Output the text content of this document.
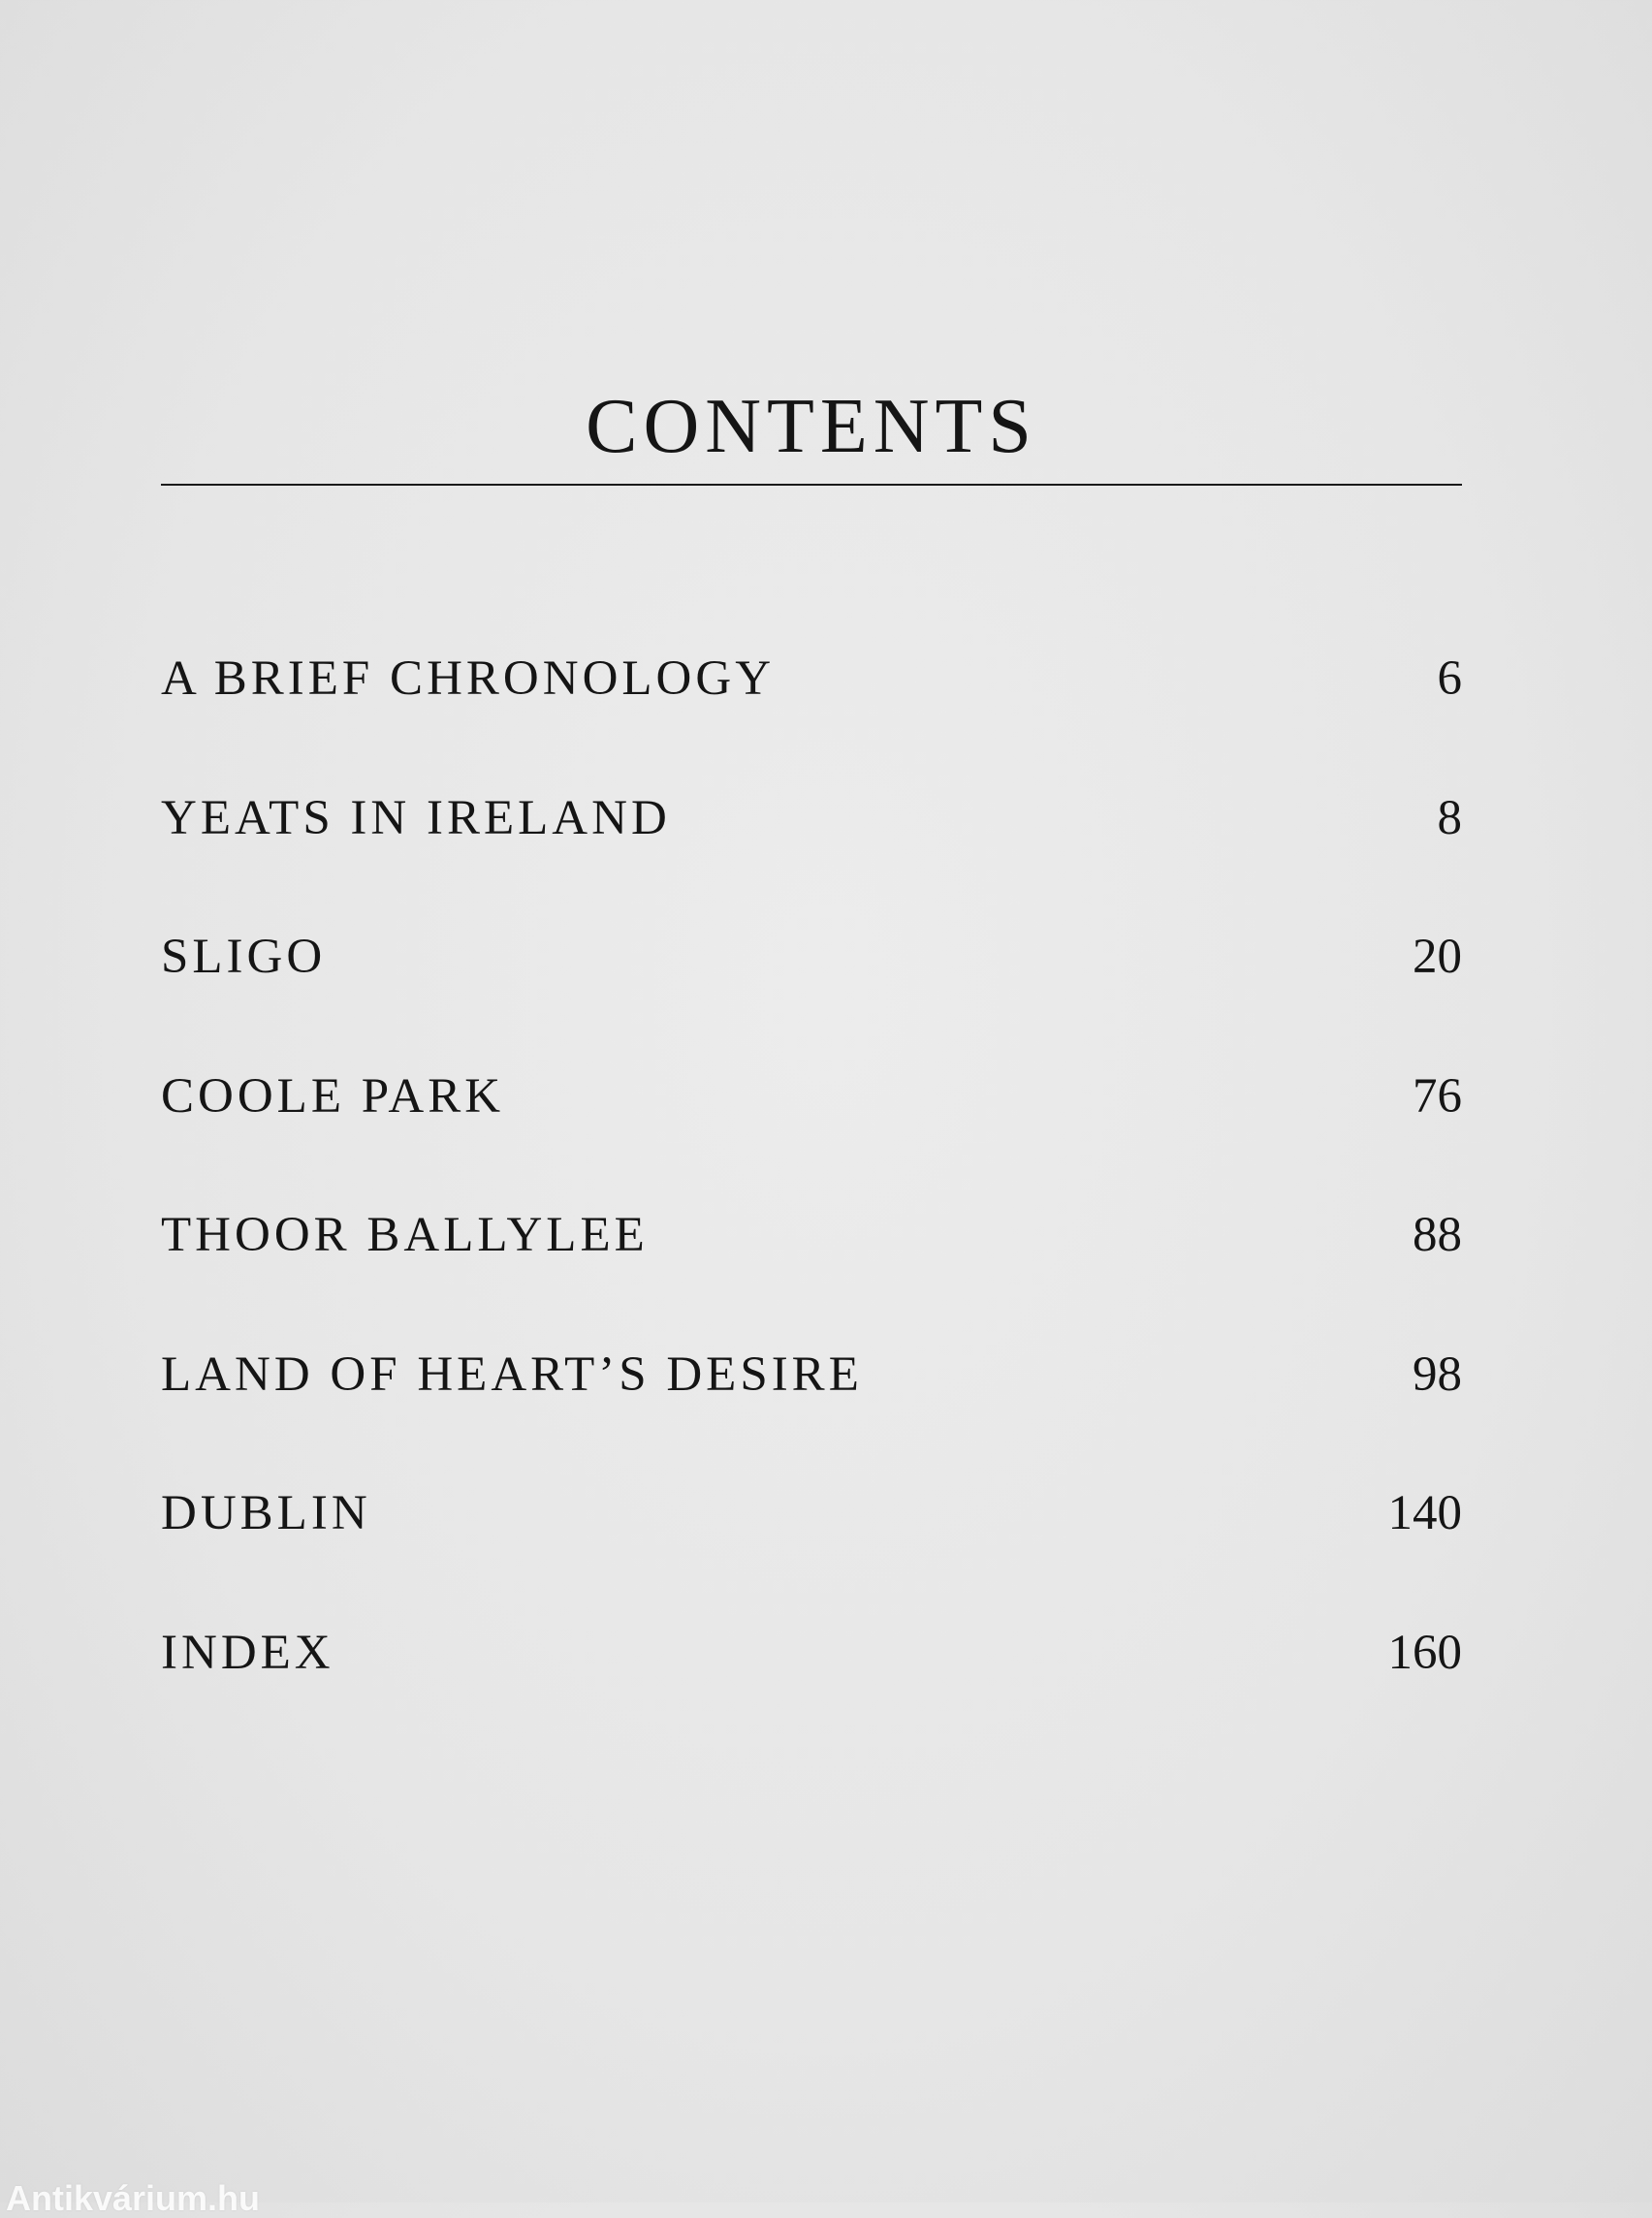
CONTENTS
A BRIEF CHRONOLOGY	6
YEATS IN IRELAND	8
SLIGO	20
COOLE PARK	76
THOOR BALLYLEE	88
LAND OF HEART’S DESIRE	98
DUBLIN	140
INDEX	160
Antikvárium.hu
